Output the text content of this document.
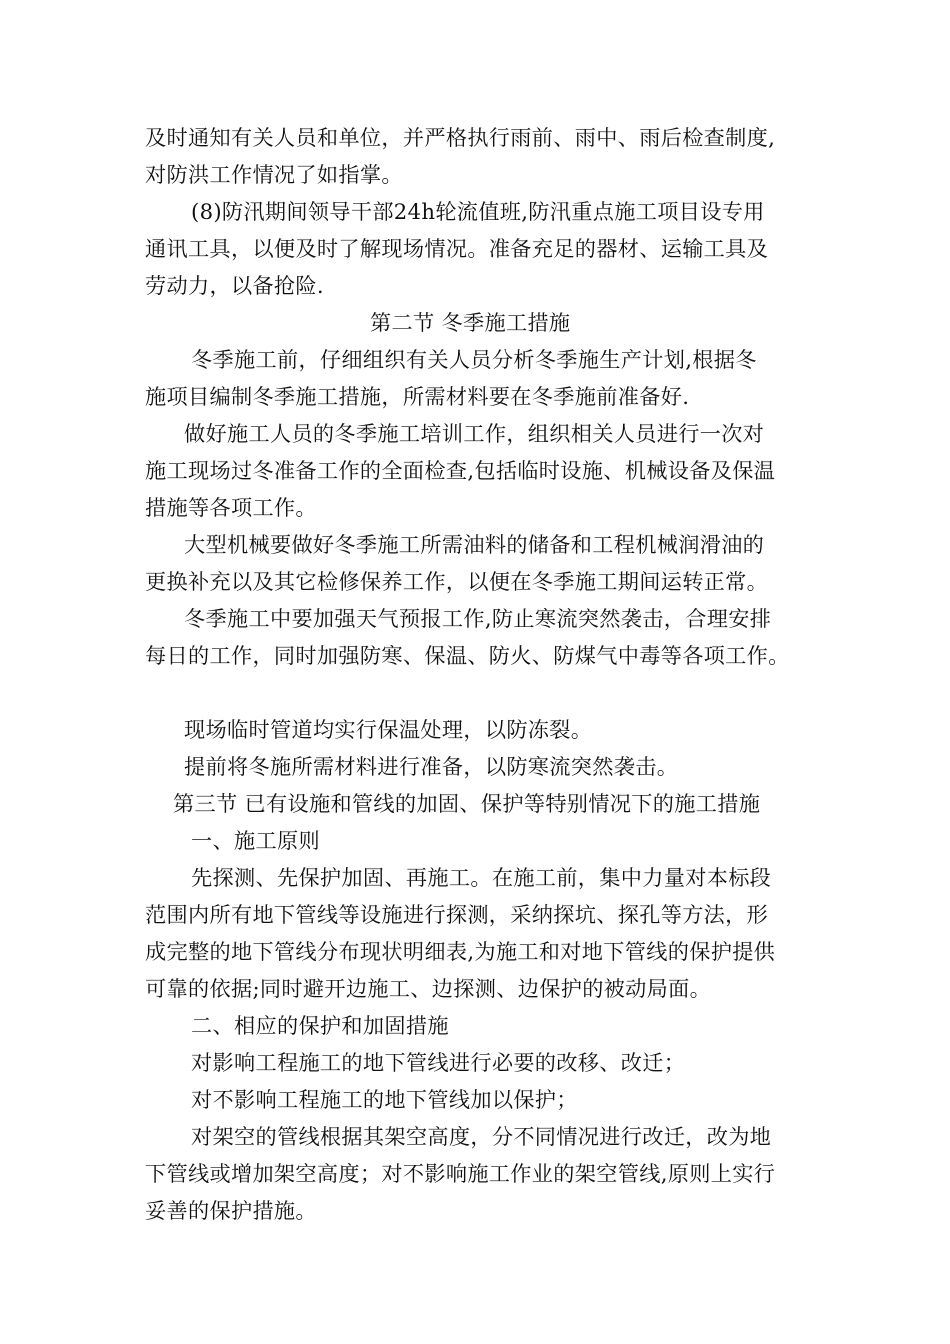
及时通知有关人员和单位，并严格执行雨前、雨中、雨后检查制度,
对防洪工作情况了如指掌。
(8)防汛期间领导干部24h轮流值班,防汛重点施工项目设专用
通讯工具，以便及时了解现场情况。准备充足的器材、运输工具及
劳动力，以备抢险.
第二节 冬季施工措施
冬季施工前，仔细组织有关人员分析冬季施生产计划,根据冬
施项目编制冬季施工措施，所需材料要在冬季施前准备好.
做好施工人员的冬季施工培训工作，组织相关人员进行一次对
施工现场过冬准备工作的全面检查,包括临时设施、机械设备及保温
措施等各项工作。
大型机械要做好冬季施工所需油料的储备和工程机械润滑油的
更换补充以及其它检修保养工作，以便在冬季施工期间运转正常。
冬季施工中要加强天气预报工作,防止寒流突然袭击，合理安排
每日的工作，同时加强防寒、保温、防火、防煤气中毒等各项工作。
现场临时管道均实行保温处理，以防冻裂。
提前将冬施所需材料进行准备，以防寒流突然袭击。
第三节 已有设施和管线的加固、保护等特别情况下的施工措施
一、施工原则
先探测、先保护加固、再施工。在施工前，集中力量对本标段
范围内所有地下管线等设施进行探测，采纳探坑、探孔等方法，形
成完整的地下管线分布现状明细表,为施工和对地下管线的保护提供
可靠的依据;同时避开边施工、边探测、边保护的被动局面。
二、相应的保护和加固措施
对影响工程施工的地下管线进行必要的改移、改迁；
对不影响工程施工的地下管线加以保护；
对架空的管线根据其架空高度，分不同情况进行改迁，改为地
下管线或增加架空高度；对不影响施工作业的架空管线,原则上实行
妥善的保护措施。
